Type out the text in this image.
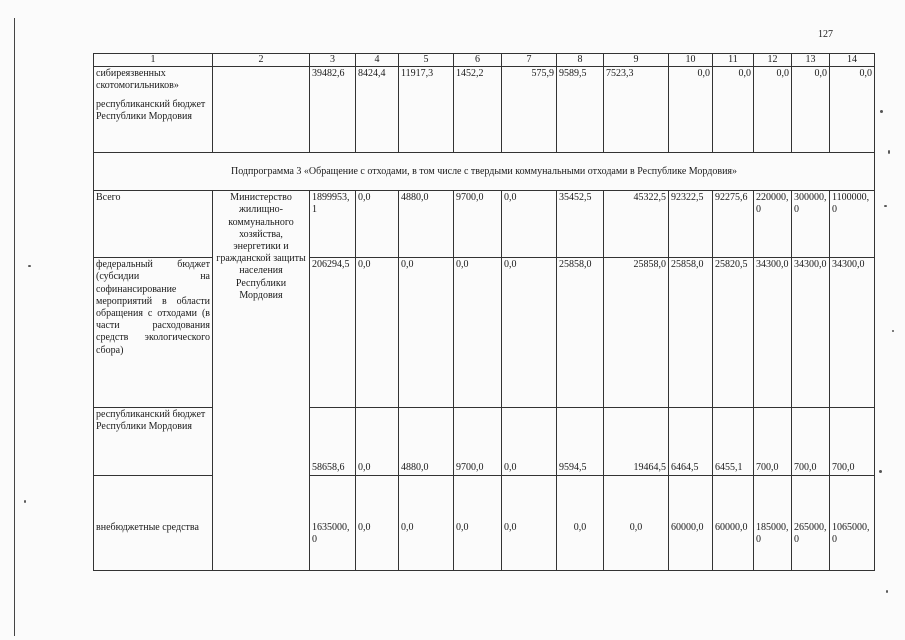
127
1	2	3	4	5	6	7	8	9	10	11	12	13	14

сибиреязвенных скотомогильников»
республиканский бюджет Республики Мордовия		39482,6	8424,4	11917,3	1452,2	575,9	9589,5	7523,3	0,0	0,0	0,0	0,0	0,0
Подпрограмма 3 «Обращение с отходами, в том числе с твердыми коммунальными отходами в Республике Мордовия»													
Всего	Министерство жилищно-коммунального хозяйства, энергетики и гражданской защиты населения Республики Мордовия	1899953,1	0,0	4880,0	9700,0	0,0	35452,5	45322,5	92322,5	92275,6	220000,0	300000,0	1100000,0
федеральный бюджет (субсидии на софинансирование мероприятий в области обращения с отходами (в части расходования средств экологического сбора)		206294,5	0,0	0,0	0,0	0,0	25858,0	25858,0	25858,0	25820,5	34300,0	34300,0	34300,0
республиканский бюджет Республики Мордовия		58658,6	0,0	4880,0	9700,0	0,0	9594,5	19464,5	6464,5	6455,1	700,0	700,0	700,0
внебюджетные средства		1635000,0	0,0	0,0	0,0	0,0	0,0	0,0	60000,0	60000,0	185000,0	265000,0	1065000,0
